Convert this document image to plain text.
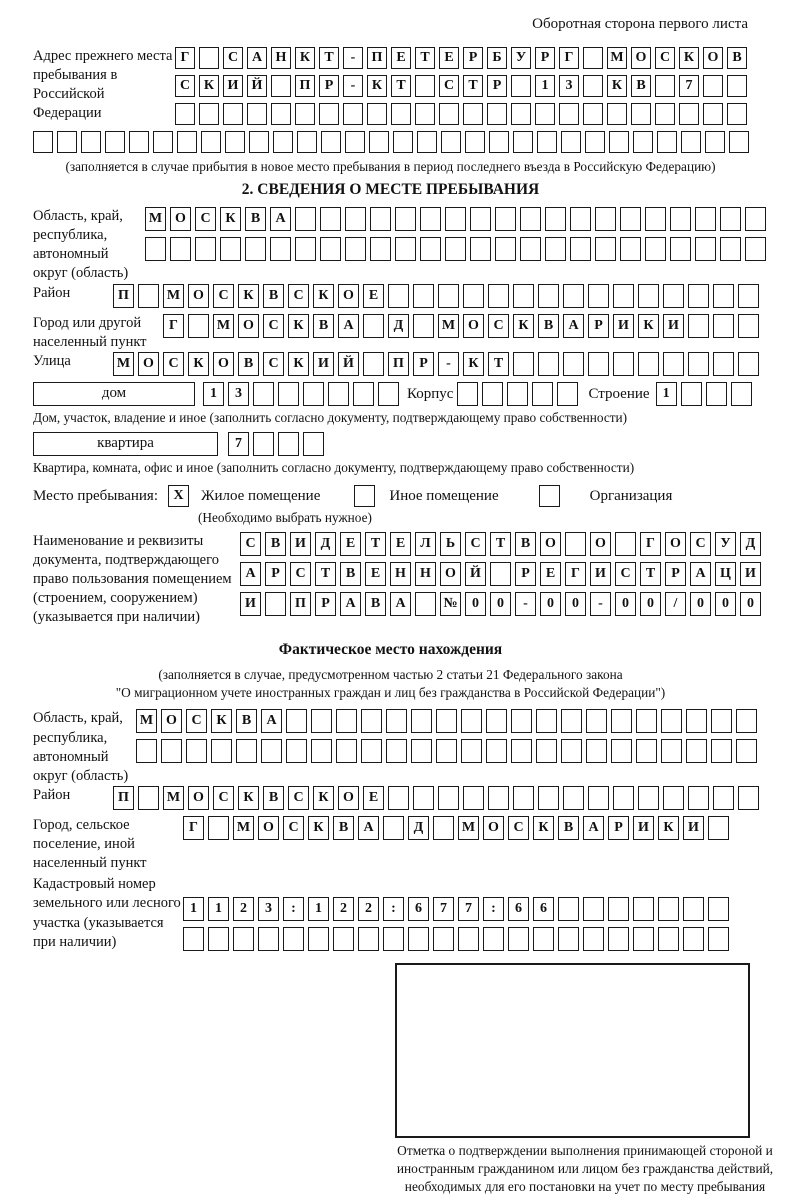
Оборотная сторона первого листа
Адрес прежнего места пребывания в Российской Федерации
Г	С А Н К	Т	-	П Е	Т	Е	Р	Б	У	Р	Г	М О С К О В
С К И Й	П	Р	-	К	Т	С	Т	Р	1	3	К	В	7
(заполняется в случае прибытия в новое место пребывания в период последнего въезда в Российскую Федерацию)
2. СВЕДЕНИЯ О МЕСТЕ ПРЕБЫВАНИЯ
Область, край, республика, автономный округ (область)
М О	С	К	В	А
Район	П	М О	С	К	В	С	К	О	Е
Город или другой населенный пункт
Г	М О	С	К	В	А	Д	М О	С	К	В	А	Р	И	К	И
Улица	М О	С	К	О	В	С	К	И	Й	П	Р	-	К	Т
дом	1	3	Корпус	Строение 1
Дом, участок, владение и иное (заполнить согласно документу, подтверждающему право собственности)
квартира	7
Квартира, комната, офис и иное (заполнить согласно документу, подтверждающему право собственности)
Место пребывания:	X	Жилое помещение	Иное помещение	Организация
(Необходимо выбрать нужное)
Наименование и реквизиты документа, подтверждающего право пользования помещением (строением, сооружением) (указывается при наличии)
С	В	И	Д	Е	Т	Е	Л	Ь	С	Т	В	О	О	Г	О	С	У	Д
А	Р	С	Т	В	Е	Н	Н	О	Й	Р	Е	Г	И	С	Т	Р	А	Ц	И
И	П	Р	А	В	А	№	0	0	-	0	0	-	0	0	/	0	0	0
Фактическое место нахождения
(заполняется в случае, предусмотренном частью 2 статьи 21 Федерального закона
"О миграционном учете иностранных граждан и лиц без гражданства в Российской Федерации")
Область, край, республика, автономный округ (область)
М О	С	К	В	А
Район	П	М О	С	К	В	С	К	О	Е
Город, сельское поселение, иной населенный пункт
Г	М О	С	К	В	А	Д	М О	С	К	В	А	Р	И	К	И
Кадастровый номер земельного или лесного участка (указывается при наличии)
1	1	2	3	:	1	2	2	:	6	7	7	:	6	6
Отметка о подтверждении выполнения принимающей стороной и иностранным гражданином или лицом без гражданства действий, необходимых для его постановки на учет по месту пребывания
